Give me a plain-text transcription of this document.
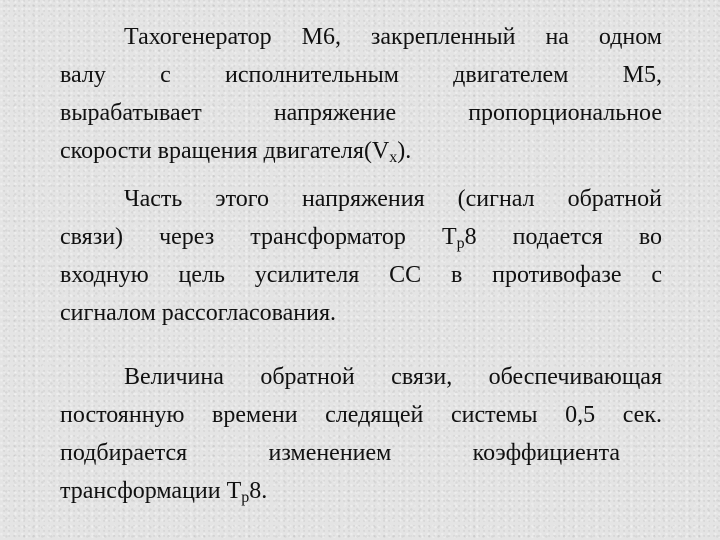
Тахогенератор М6, закрепленный на одном
валу с исполнительным двигателем М5,
вырабатывает напряжение пропорциональное
скорости вращения $двигателя(V_x)$.

Часть этого напряжения (сигнал обратной
связи) через трансформатор $Т_р8$ подается во
входную цель усилителя СС в противофазе с
сигналом рассогласования.

Величина обратной связи, обеспечивающая
постоянную времени следящей системы 0,5 сек.
подбирается изменением коэффициента
трансформации $Т_р8$.
